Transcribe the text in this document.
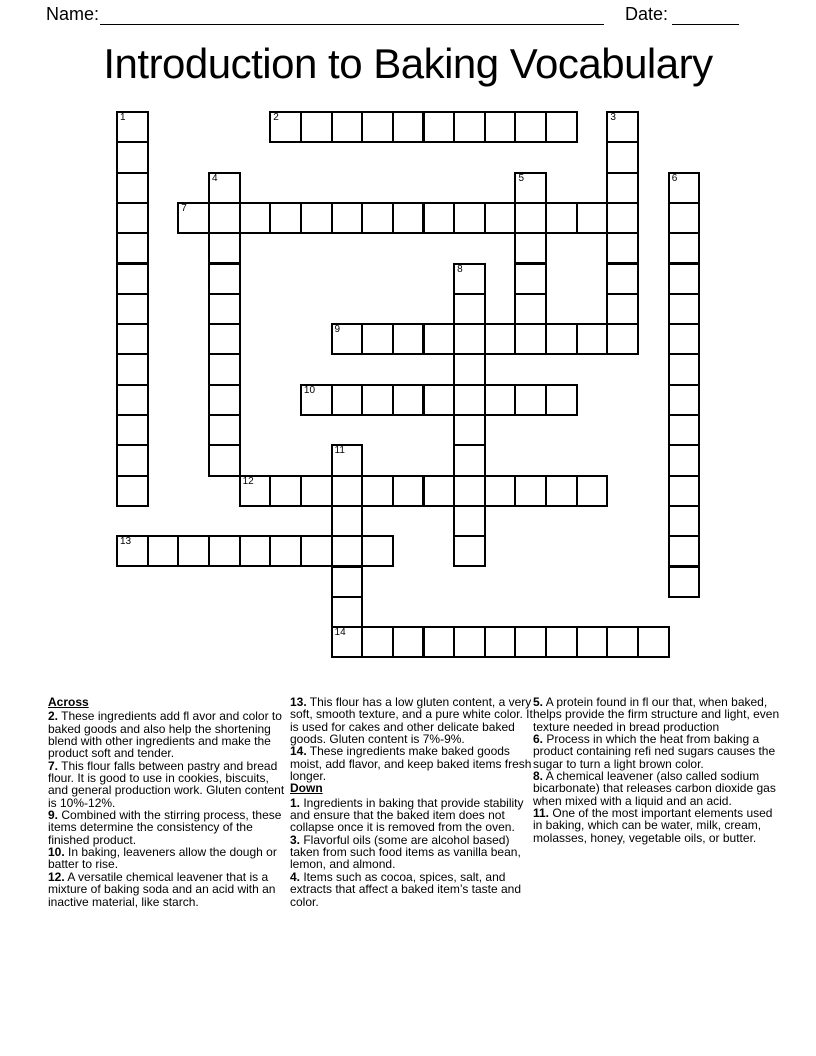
Name:	Date:
Introduction to Baking Vocabulary
1	2	3
4	5	6
7
8
9
10
11
14
12
13
Across

2. These ingredients add fl avor and color to baked goods and also help the shortening blend with other ingredients and make the product soft and tender.

7. This flour falls between pastry and bread flour. It is good to use in cookies, biscuits, and general production work. Gluten content is 10%-12%.

9. Combined with the stirring process, these items determine the consistency of the finished product.

10. In baking, leaveners allow the dough or batter to rise.

12. A versatile chemical leavener that is a mixture of baking soda and an acid with an inactive material, like starch.

13. This flour has a low gluten content, a very soft, smooth texture, and a pure white color. It is used for cakes and other delicate baked goods. Gluten content is 7%-9%.

14. These ingredients make baked goods moist, add flavor, and keep baked items fresh longer.

Down

1. Ingredients in baking that provide stability and ensure that the baked item does not collapse once it is removed from the oven.

3. Flavorful oils (some are alcohol based) taken from such food items as vanilla bean, lemon, and almond.

4. Items such as cocoa, spices, salt, and extracts that affect a baked item’s taste and color.

5. A protein found in fl our that, when baked, helps provide the firm structure and light, even texture needed in bread production

6. Process in which the heat from baking a product containing refi ned sugars causes the sugar to turn a light brown color.

8. A chemical leavener (also called sodium bicarbonate) that releases carbon dioxide gas when mixed with a liquid and an acid.

11. One of the most important elements used in baking, which can be water, milk, cream, molasses, honey, vegetable oils, or butter.
